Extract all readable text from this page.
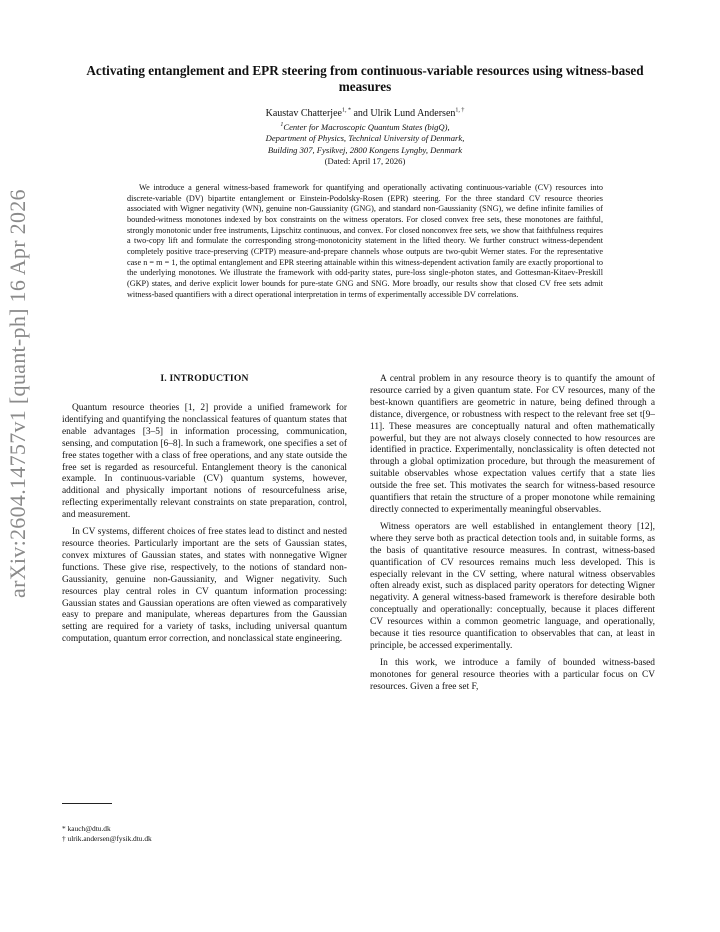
arXiv:2604.14757v1 [quant-ph] 16 Apr 2026
Activating entanglement and EPR steering from continuous-variable resources using witness-based measures
Kaustav Chatterjee$^{1, *}$ and Ulrik Lund Andersen$^{1, \dagger}$
$^1$Center for Macroscopic Quantum States (bigQ),
Department of Physics, Technical University of Denmark,
Building 307, Fysikvej, 2800 Kongens Lyngby, Denmark
(Dated: April 17, 2026)

We introduce a general witness-based framework for quantifying and operationally activating continuous-variable (CV) resources into discrete-variable (DV) bipartite entanglement or Einstein-Podolsky-Rosen (EPR) steering. For the three standard CV resource theories associated with Wigner negativity (WN), genuine non-Gaussianity (GNG), and standard non-Gaussianity (SNG), we define infinite families of bounded-witness monotones indexed by box constraints on the witness operators. For closed convex free sets, these monotones are faithful, strongly monotonic under free instruments, Lipschitz continuous, and convex. For closed nonconvex free sets, we show that faithfulness requires a two-copy lift and formulate the corresponding strong-monotonicity statement in the lifted theory. We further construct witness-dependent completely positive trace-preserving (CPTP) measure-and-prepare channels whose outputs are two-qubit Werner states. For the representative case n = m = 1, the optimal entanglement and EPR steering attainable within this witness-dependent activation family are exactly proportional to the underlying monotones. We illustrate the framework with odd-parity states, pure-loss single-photon states, and Gottesman-Kitaev-Preskill (GKP) states, and derive explicit lower bounds for pure-state GNG and SNG. More broadly, our results show that closed CV free sets admit witness-based quantifiers with a direct operational interpretation in terms of experimentally accessible DV correlations.

I. INTRODUCTION

Quantum resource theories [1, 2] provide a unified framework for identifying and quantifying the nonclassical features of quantum states that enable advantages [3–5] in information processing, communication, sensing, and computation [6–8]. In such a framework, one specifies a set of free states together with a class of free operations, and any state outside the free set is regarded as resourceful. Entanglement theory is the canonical example. In continuous-variable (CV) quantum systems, however, additional and physically important notions of resourcefulness arise, reflecting experimentally relevant constraints on state preparation, control, and measurement.

In CV systems, different choices of free states lead to distinct and nested resource theories. Particularly important are the sets of Gaussian states, convex mixtures of Gaussian states, and states with nonnegative Wigner functions. These give rise, respectively, to the notions of standard non-Gaussianity, genuine non-Gaussianity, and Wigner negativity. Such resources play central roles in CV quantum information processing: Gaussian states and Gaussian operations are often viewed as comparatively easy to prepare and manipulate, whereas departures from the Gaussian setting are required for a variety of tasks, including universal quantum computation, quantum error correction, and nonclassical state engineering.

A central problem in any resource theory is to quantify the amount of resource carried by a given quantum state. For CV resources, many of the best-known quantifiers are geometric in nature, being defined through a distance, divergence, or robustness with respect to the relevant free set t[9–11]. These measures are conceptually natural and often mathematically powerful, but they are not always closely connected to how resources are identified in practice. Experimentally, nonclassicality is often detected not through a global optimization procedure, but through the measurement of suitable observables whose expectation values certify that a state lies outside the free set. This motivates the search for witness-based resource quantifiers that retain the structure of a proper monotone while remaining directly connected to experimentally meaningful observables.

Witness operators are well established in entanglement theory [12], where they serve both as practical detection tools and, in suitable forms, as the basis of quantitative resource measures. In contrast, witness-based quantification of CV resources remains much less developed. This is especially relevant in the CV setting, where natural witness observables often already exist, such as displaced parity operators for detecting Wigner negativity. A general witness-based framework is therefore desirable both conceptually and operationally: conceptually, because it places different CV resources within a common geometric language, and operationally, because it ties resource quantification to observables that can, at least in principle, be accessed experimentally.

In this work, we introduce a family of bounded witness-based monotones for general resource theories with a particular focus on CV resources. Given a free set F,

* kauch@dtu.dk
† ulrik.andersen@fysik.dtu.dk
